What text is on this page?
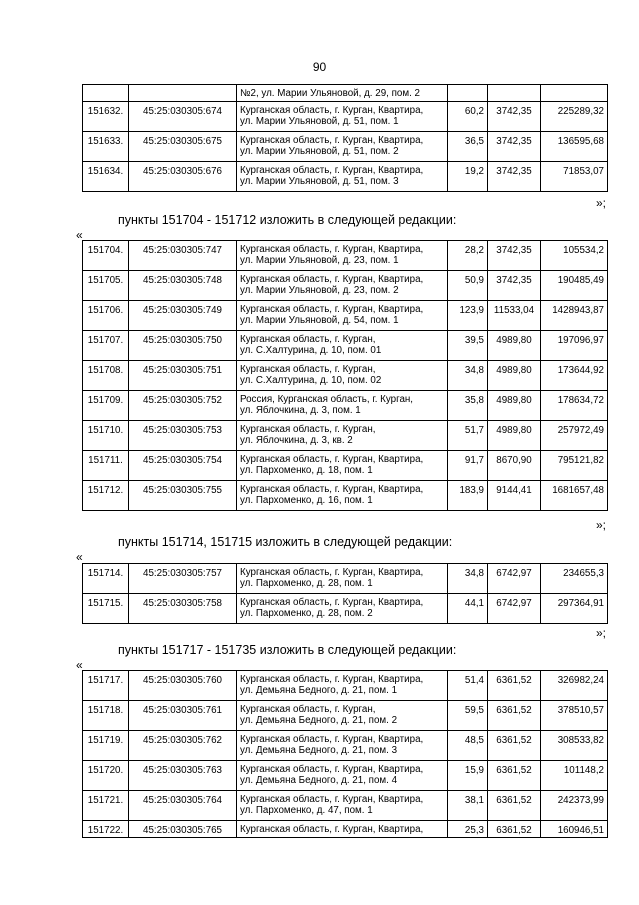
90

		№2, ул. Марии Ульяновой, д. 29, пом. 2			

151632.	45:25:030305:674	Курганская область, г. Курган, Квартира,
ул. Марии Ульяновой, д. 51, пом. 1	60,2	3742,35	225289,32
151633.	45:25:030305:675	Курганская область, г. Курган, Квартира,
ул. Марии Ульяновой, д. 51, пом. 2	36,5	3742,35	136595,68
151634.	45:25:030305:676	Курганская область, г. Курган, Квартира,
ул. Марии Ульяновой, д. 51, пом. 3	19,2	3742,35	71853,07
»;
пункты 151704 - 151712 изложить в следующей редакции:
«
151704.	45:25:030305:747	Курганская область, г. Курган, Квартира,
ул. Марии Ульяновой, д. 23, пом. 1	28,2	3742,35	105534,2
151705.	45:25:030305:748	Курганская область, г. Курган, Квартира,
ул. Марии Ульяновой, д. 23, пом. 2	50,9	3742,35	190485,49
151706.	45:25:030305:749	Курганская область, г. Курган, Квартира,
ул. Марии Ульяновой, д. 54, пом. 1	123,9	11533,04	1428943,87
151707.	45:25:030305:750	Курганская область, г. Курган,
ул. С.Халтурина, д. 10, пом. 01	39,5	4989,80	197096,97
151708.	45:25:030305:751	Курганская область, г. Курган,
ул. С.Халтурина, д. 10, пом. 02	34,8	4989,80	173644,92
151709.	45:25:030305:752	Россия, Курганская область, г. Курган,
ул. Яблочкина, д. 3, пом. 1	35,8	4989,80	178634,72
151710.	45:25:030305:753	Курганская область, г. Курган,
ул. Яблочкина, д. 3, кв. 2	51,7	4989,80	257972,49
151711.	45:25:030305:754	Курганская область, г. Курган, Квартира,
ул. Пархоменко, д. 18, пом. 1	91,7	8670,90	795121,82
151712.	45:25:030305:755	Курганская область, г. Курган, Квартира,
ул. Пархоменко, д. 16, пом. 1	183,9	9144,41	1681657,48
»;
пункты 151714, 151715 изложить в следующей редакции:
«
151714.	45:25:030305:757	Курганская область, г. Курган, Квартира,
ул. Пархоменко, д. 28, пом. 1	34,8	6742,97	234655,3
151715.	45:25:030305:758	Курганская область, г. Курган, Квартира,
ул. Пархоменко, д. 28, пом. 2	44,1	6742,97	297364,91
»;
пункты 151717 - 151735 изложить в следующей редакции:
«
151717.	45:25:030305:760	Курганская область, г. Курган, Квартира,
ул. Демьяна Бедного, д. 21, пом. 1	51,4	6361,52	326982,24
151718.	45:25:030305:761	Курганская область, г. Курган,
ул. Демьяна Бедного, д. 21, пом. 2	59,5	6361,52	378510,57
151719.	45:25:030305:762	Курганская область, г. Курган, Квартира,
ул. Демьяна Бедного, д. 21, пом. 3	48,5	6361,52	308533,82
151720.	45:25:030305:763	Курганская область, г. Курган, Квартира,
ул. Демьяна Бедного, д. 21, пом. 4	15,9	6361,52	101148,2
151721.	45:25:030305:764	Курганская область, г. Курган, Квартира,
ул. Пархоменко, д. 47, пом. 1	38,1	6361,52	242373,99
151722.	45:25:030305:765	Курганская область, г. Курган, Квартира,	25,3	6361,52	160946,51
